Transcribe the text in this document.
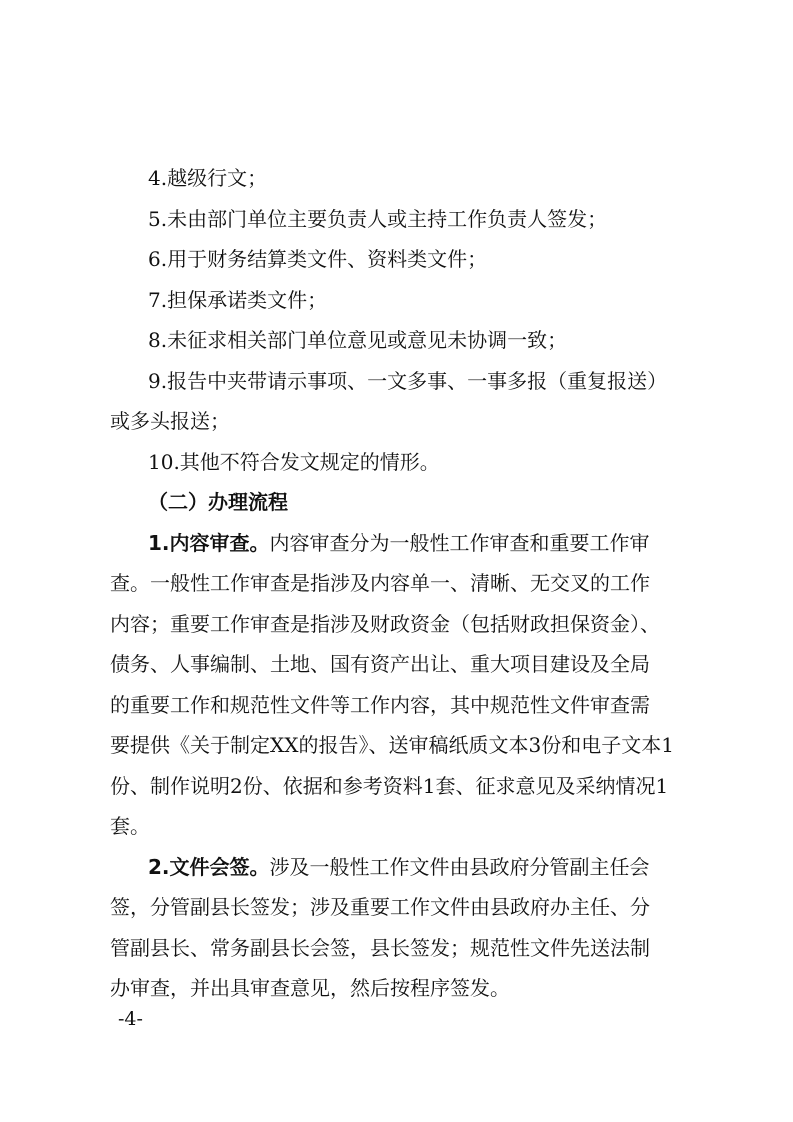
4.越级行文；
5.未由部门单位主要负责人或主持工作负责人签发；
6.用于财务结算类文件、资料类文件；
7.担保承诺类文件；
8.未征求相关部门单位意见或意见未协调一致；
9.报告中夹带请示事项、一文多事、一事多报（重复报送）
或多头报送；
10.其他不符合发文规定的情形。
（二）办理流程
1.内容审查。内容审查分为一般性工作审查和重要工作审
查。一般性工作审查是指涉及内容单一、清晰、无交叉的工作
内容；重要工作审查是指涉及财政资金（包括财政担保资金）、
债务、人事编制、土地、国有资产出让、重大项目建设及全局
的重要工作和规范性文件等工作内容，其中规范性文件审查需
要提供《关于制定XX的报告》、送审稿纸质文本3份和电子文本1
份、制作说明2份、依据和参考资料1套、征求意见及采纳情况1
套。
2.文件会签。涉及一般性工作文件由县政府分管副主任会
签，分管副县长签发；涉及重要工作文件由县政府办主任、分
管副县长、常务副县长会签，县长签发；规范性文件先送法制
办审查，并出具审查意见，然后按程序签发。
-4-
